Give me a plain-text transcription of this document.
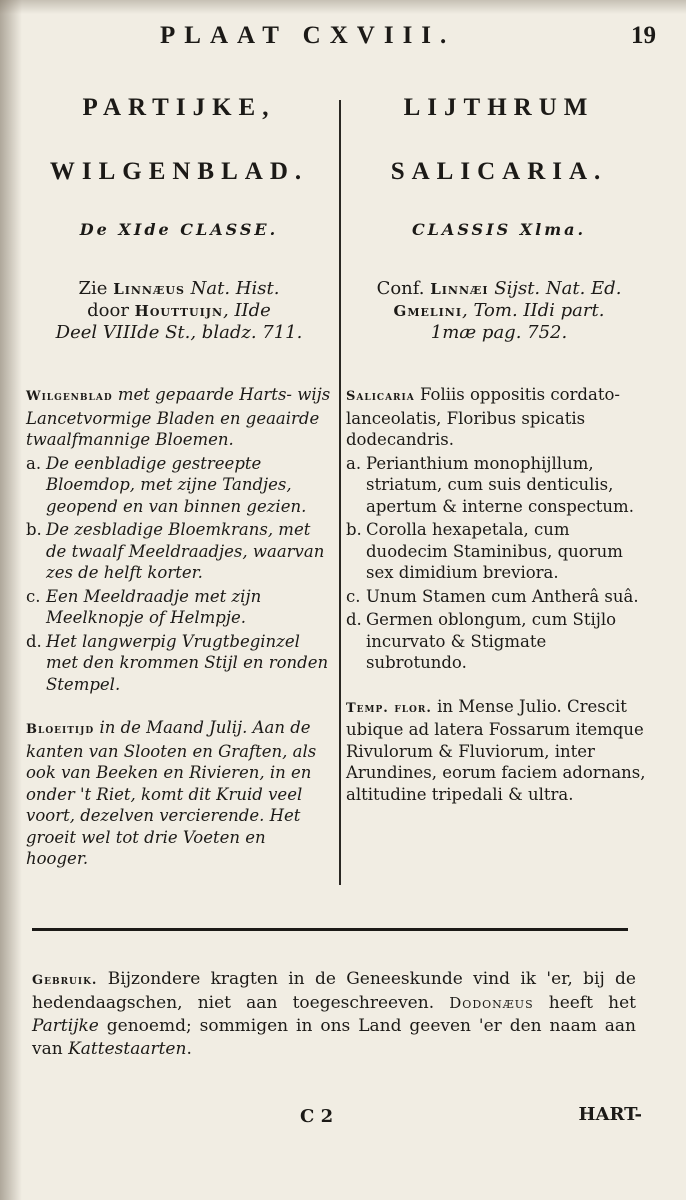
PLAAT CXVIII.	19
PARTIJKE,
WILGENBLAD.
De XIde CLASSE.
Zie Linnæus Nat. Hist.
door Houttuijn, IIde
Deel VIIIde St., bladz. 711.
Wilgenblad met gepaarde Harts- wijs Lancetvormige Bladen en geaairde twaalfmannige Bloemen.
a. De eenbladige gestreepte Bloemdop, met zijne Tandjes, geopend en van binnen gezien.
b. De zesbladige Bloemkrans, met de twaalf Meeldraadjes, waarvan zes de helft korter.
c. Een Meeldraadje met zijn Meelknopje of Helmpje.
d. Het langwerpig Vrugtbeginzel met den krommen Stijl en ronden Stempel.
Bloeitijd in de Maand Julij. Aan de kanten van Slooten en Graften, als ook van Beeken en Rivieren, in en onder 't Riet, komt dit Kruid veel voort, dezelven vercierende. Het groeit wel tot drie Voeten en hooger.
LIJTHRUM
SALICARIA.
CLASSIS Xlma.
Conf. Linnæi Sijst. Nat. Ed.
Gmelini, Tom. IIdi part.
1mæ pag. 752.
Salicaria Foliis oppositis cordato-lanceolatis, Floribus spicatis dodecandris.
a. Perianthium monophijllum, striatum, cum suis denticulis, apertum & interne conspectum.
b. Corolla hexapetala, cum duodecim Staminibus, quorum sex dimidium breviora.
c. Unum Stamen cum Antherâ suâ.
d. Germen oblongum, cum Stijlo incurvato & Stigmate subrotundo.
Temp. flor. in Mense Julio. Crescit ubique ad latera Fossarum itemque Rivulorum & Fluviorum, inter Arundines, eorum faciem adornans, altitudine tripedali & ultra.
Gebruik. Bijzondere kragten in de Geneeskunde vind ik 'er, bij de hedendaagschen, niet aan toegeschreeven. Dodonæus heeft het Partijke genoemd; sommigen in ons Land geeven 'er den naam aan van Kattestaarten.
C 2	HART-
